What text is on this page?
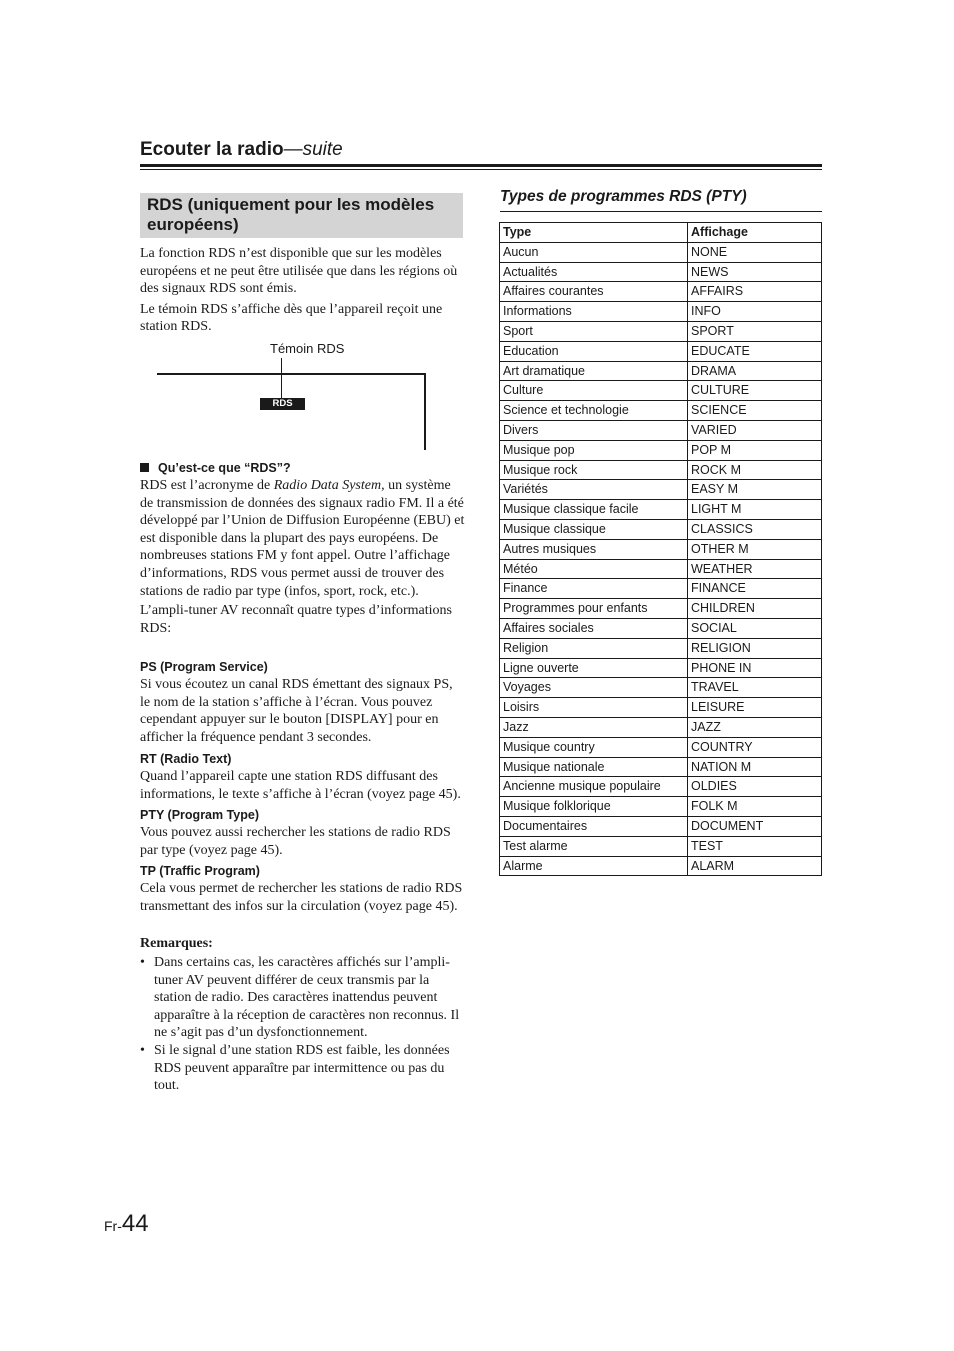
Ecouter la radio—suite
RDS (uniquement pour les modèles européens)

La fonction RDS n’est disponible que sur les modèles européens et ne peut être utilisée que dans les régions où des signaux RDS sont émis.

Le témoin RDS s’affiche dès que l’appareil reçoit une station RDS.

Témoin RDS
RDS
Qu’est-ce que “RDS”?

RDS est l’acronyme de Radio Data System, un système de transmission de données des signaux radio FM. Il a été développé par l’Union de Diffusion Européenne (EBU) et est disponible dans la plupart des pays européens. De nombreuses stations FM y font appel. Outre l’affichage d’informations, RDS vous permet aussi de trouver des stations de radio par type (infos, sport, rock, etc.).

L’ampli-tuner AV reconnaît quatre types d’informations RDS:

PS (Program Service)
Si vous écoutez un canal RDS émettant des signaux PS, le nom de la station s’affiche à l’écran. Vous pouvez cependant appuyer sur le bouton [DISPLAY] pour en afficher la fréquence pendant 3 secondes.
RT (Radio Text)
Quand l’appareil capte une station RDS diffusant des informations, le texte s’affiche à l’écran (voyez page 45).
PTY (Program Type)
Vous pouvez aussi rechercher les stations de radio RDS par type (voyez page 45).
TP (Traffic Program)
Cela vous permet de rechercher les stations de radio RDS transmettant des infos sur la circulation (voyez page 45).
Remarques:
• Dans certains cas, les caractères affichés sur l’ampli-tuner AV peuvent différer de ceux transmis par la station de radio. Des caractères inattendus peuvent apparaître à la réception de caractères non reconnus. Il ne s’agit pas d’un dysfonctionnement.
• Si le signal d’une station RDS est faible, les données RDS peuvent apparaître par intermittence ou pas du tout.
Types de programmes RDS (PTY)
Type	Affichage
Aucun	NONE
Actualités	NEWS
Affaires courantes	AFFAIRS
Informations	INFO
Sport	SPORT
Education	EDUCATE
Art dramatique	DRAMA
Culture	CULTURE
Science et technologie	SCIENCE
Divers	VARIED
Musique pop	POP M
Musique rock	ROCK M
Variétés	EASY M
Musique classique facile	LIGHT M
Musique classique	CLASSICS
Autres musiques	OTHER M
Météo	WEATHER
Finance	FINANCE
Programmes pour enfants	CHILDREN
Affaires sociales	SOCIAL
Religion	RELIGION
Ligne ouverte	PHONE IN
Voyages	TRAVEL
Loisirs	LEISURE
Jazz	JAZZ
Musique country	COUNTRY
Musique nationale	NATION M
Ancienne musique populaire	OLDIES
Musique folklorique	FOLK M
Documentaires	DOCUMENT
Test alarme	TEST
Alarme	ALARM
Fr-44
